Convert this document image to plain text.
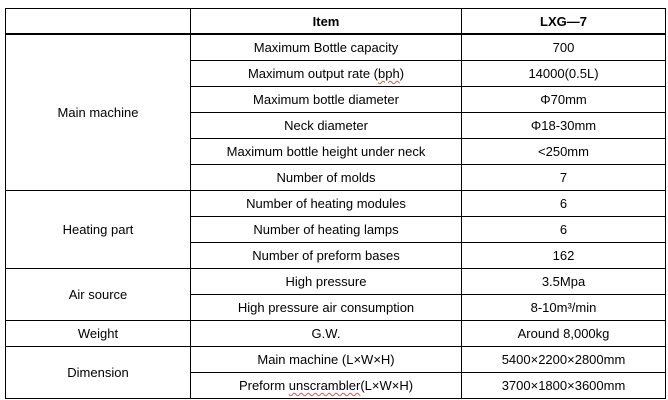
	Item	LXG—7
Main machine	Maximum Bottle capacity	700
	Maximum output rate (bph)	14000(0.5L)
	Maximum bottle diameter	Φ70mm
	Neck diameter	Φ18-30mm
	Maximum bottle height under neck	<250mm
	Number of molds	7
Heating part	Number of heating modules	6
	Number of heating lamps	6
	Number of preform bases	162
Air source	High pressure	3.5Mpa
	High pressure air consumption	8-10m³/min
Weight	G.W.	Around 8,000kg
Dimension	Main machine (L×W×H)	5400×2200×2800mm
	Preform unscrambler(L×W×H)	3700×1800×3600mm
